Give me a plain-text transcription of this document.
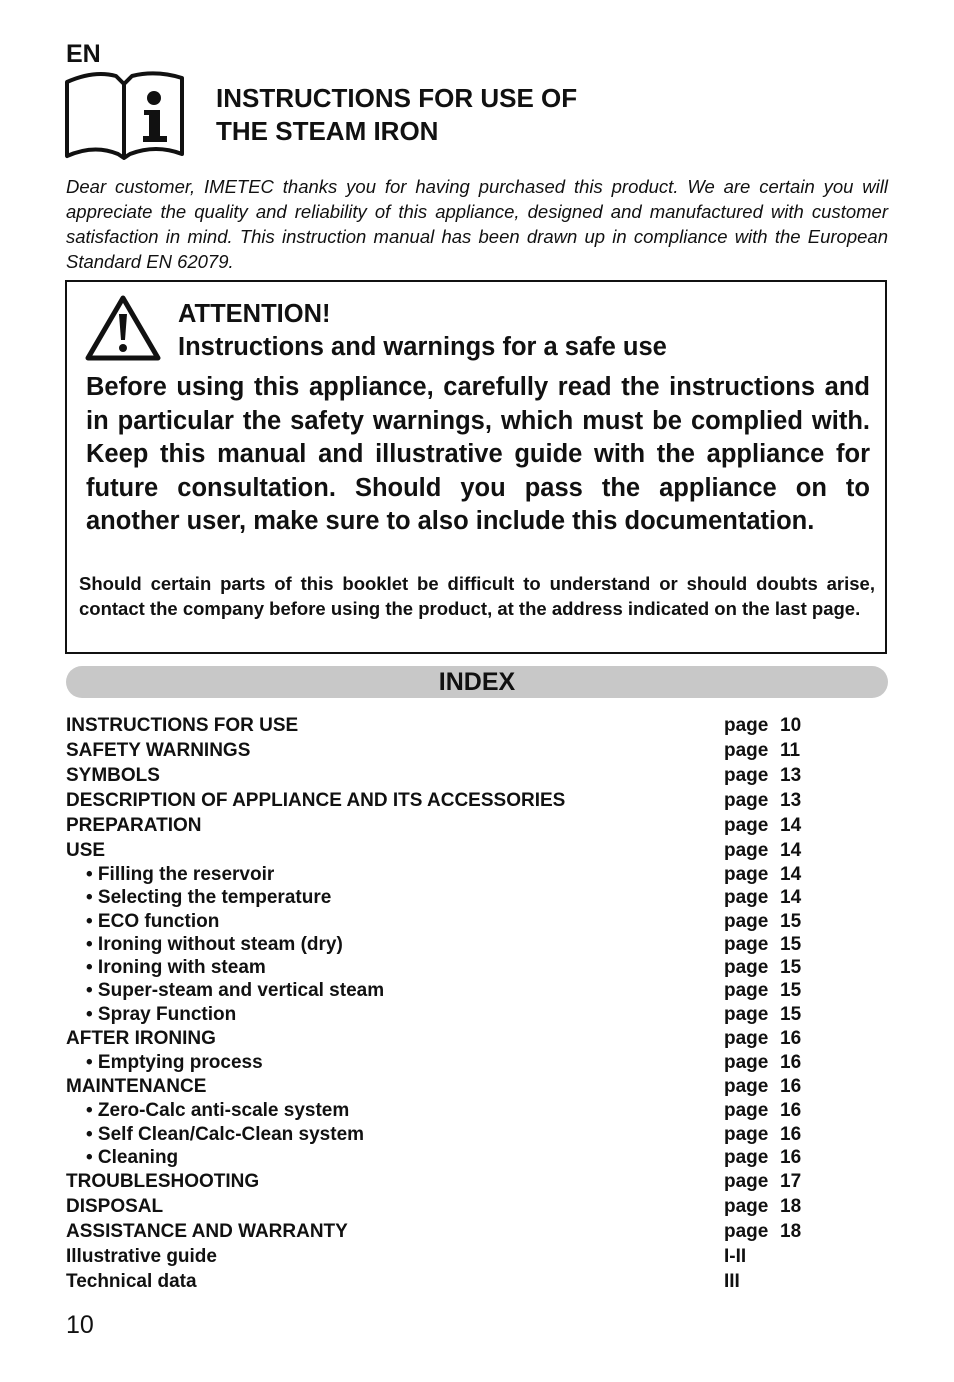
EN
INSTRUCTIONS FOR USE OF
THE STEAM IRON
Dear customer, IMETEC thanks you for having purchased this product. We are certain you will appreciate the quality and reliability of this appliance, designed and manufactured with customer satisfaction in mind. This instruction manual has been drawn up in compliance with the European Standard EN 62079.
ATTENTION!
Instructions and warnings for a safe use
Before using this appliance, carefully read the instructions and in particular the safety warnings, which must be complied with. Keep this manual and illustrative guide with the appliance for future consultation. Should you pass the appliance on to another user, make sure to also include this documentation.
Should certain parts of this booklet be difficult to understand or should doubts arise, contact the company before using the product, at the address indicated on the last page.
INDEX
INSTRUCTIONS FOR USE	page 10
SAFETY WARNINGS	page 11
SYMBOLS	page 13
DESCRIPTION OF APPLIANCE AND ITS ACCESSORIES	page 13
PREPARATION	page 14
USE	page 14
• Filling the reservoir	page 14
• Selecting the temperature	page 14
• ECO function	page 15
• Ironing without steam (dry)	page 15
• Ironing with steam	page 15
• Super-steam and vertical steam	page 15
• Spray Function	page 15
AFTER IRONING	page 16
• Emptying process	page 16
MAINTENANCE	page 16
• Zero-Calc anti-scale system	page 16
• Self Clean/Calc-Clean system	page 16
• Cleaning	page 16
TROUBLESHOOTING	page 17
DISPOSAL	page 18
ASSISTANCE AND WARRANTY	page 18
Illustrative guide	I-II
Technical data	III
10
